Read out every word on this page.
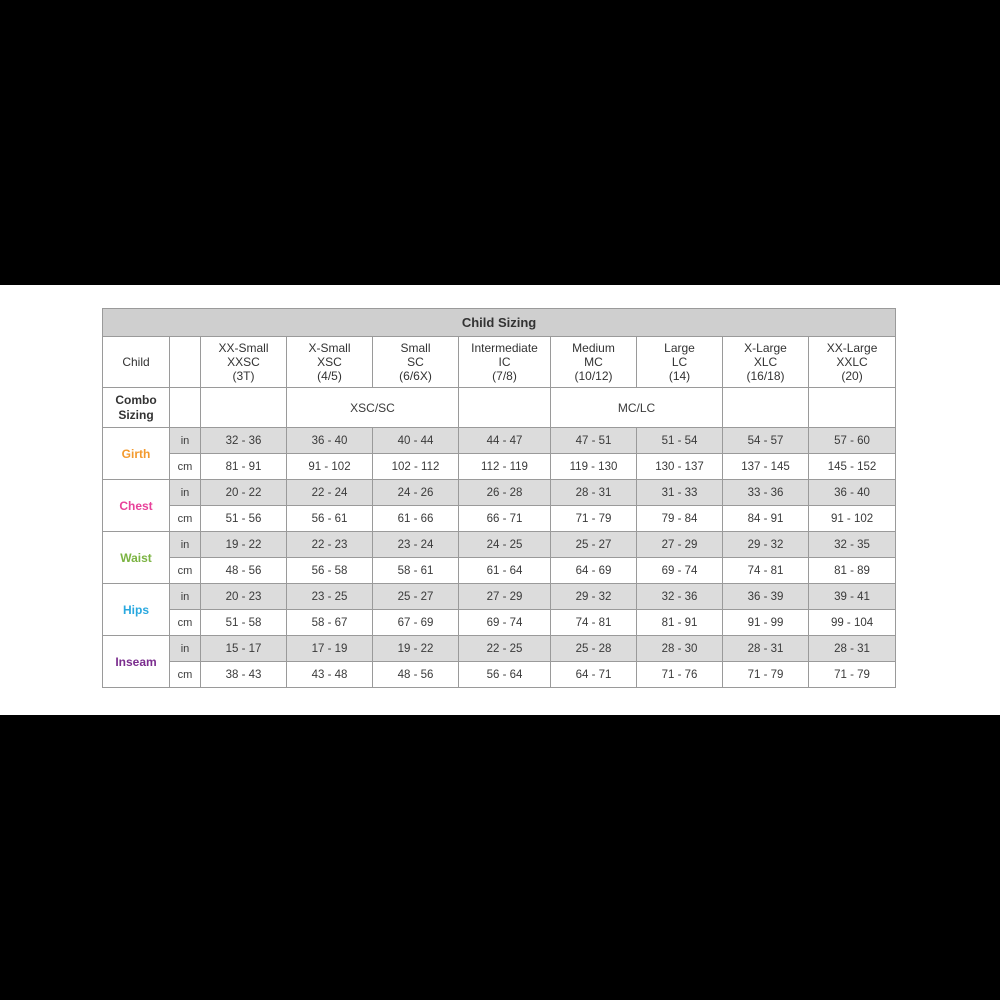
Child Sizing									
Child		XX-Small
XXSC
(3T)	X-Small
XSC
(4/5)	Small
SC
(6/6X)	Intermediate
IC
(7/8)	Medium
MC
(10/12)	Large
LC
(14)	X-Large
XLC
(16/18)	XX-Large
XXLC
(20)

Combo
Sizing			XSC/SC			MC/LC			
Girth	in	32 - 36	36 - 40	40 - 44	44 - 47	47 - 51	51 - 54	54 - 57	57 - 60
	cm	81 - 91	91 - 102	102 - 112	112 - 119	119 - 130	130 - 137	137 - 145	145 - 152
Chest	in	20 - 22	22 - 24	24 - 26	26 - 28	28 - 31	31 - 33	33 - 36	36 - 40
	cm	51 - 56	56 - 61	61 - 66	66 - 71	71 - 79	79 - 84	84 - 91	91 - 102
Waist	in	19 - 22	22 - 23	23 - 24	24 - 25	25 - 27	27 - 29	29 - 32	32 - 35
	cm	48 - 56	56 - 58	58 - 61	61 - 64	64 - 69	69 - 74	74 - 81	81 - 89
Hips	in	20 - 23	23 - 25	25 - 27	27 - 29	29 - 32	32 - 36	36 - 39	39 - 41
	cm	51 - 58	58 - 67	67 - 69	69 - 74	74 - 81	81 - 91	91 - 99	99 - 104
Inseam	in	15 - 17	17 - 19	19 - 22	22 - 25	25 - 28	28 - 30	28 - 31	28 - 31
	cm	38 - 43	43 - 48	48 - 56	56 - 64	64 - 71	71 - 76	71 - 79	71 - 79
